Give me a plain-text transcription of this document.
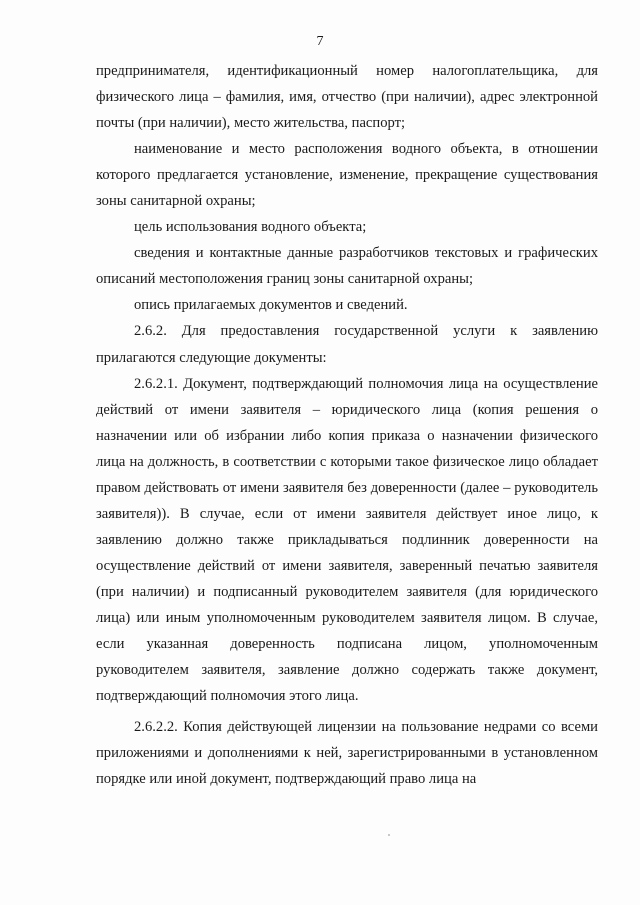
7

предпринимателя, идентификационный номер налогоплательщика, для физического лица – фамилия, имя, отчество (при наличии), адрес электронной почты (при наличии), место жительства, паспорт;

наименование и место расположения водного объекта, в отношении которого предлагается установление, изменение, прекращение существования зоны санитарной охраны;

цель использования водного объекта;

сведения и контактные данные разработчиков текстовых и графических описаний местоположения границ зоны санитарной охраны;

опись прилагаемых документов и сведений.

2.6.2. Для предоставления государственной услуги к заявлению прилагаются следующие документы:

2.6.2.1. Документ, подтверждающий полномочия лица на осуществление действий от имени заявителя – юридического лица (копия решения о назначении или об избрании либо копия приказа о назначении физического лица на должность, в соответствии с которыми такое физическое лицо обладает правом действовать от имени заявителя без доверенности (далее – руководитель заявителя)). В случае, если от имени заявителя действует иное лицо, к заявлению должно также прикладываться подлинник доверенности на осуществление действий от имени заявителя, заверенный печатью заявителя (при наличии) и подписанный руководителем заявителя (для юридического лица) или иным уполномоченным руководителем заявителя лицом. В случае, если указанная доверенность подписана лицом, уполномоченным руководителем заявителя, заявление должно содержать также документ, подтверждающий полномочия этого лица.

2.6.2.2. Копия действующей лицензии на пользование недрами со всеми приложениями и дополнениями к ней, зарегистрированными в установленном порядке или иной документ, подтверждающий право лица на
